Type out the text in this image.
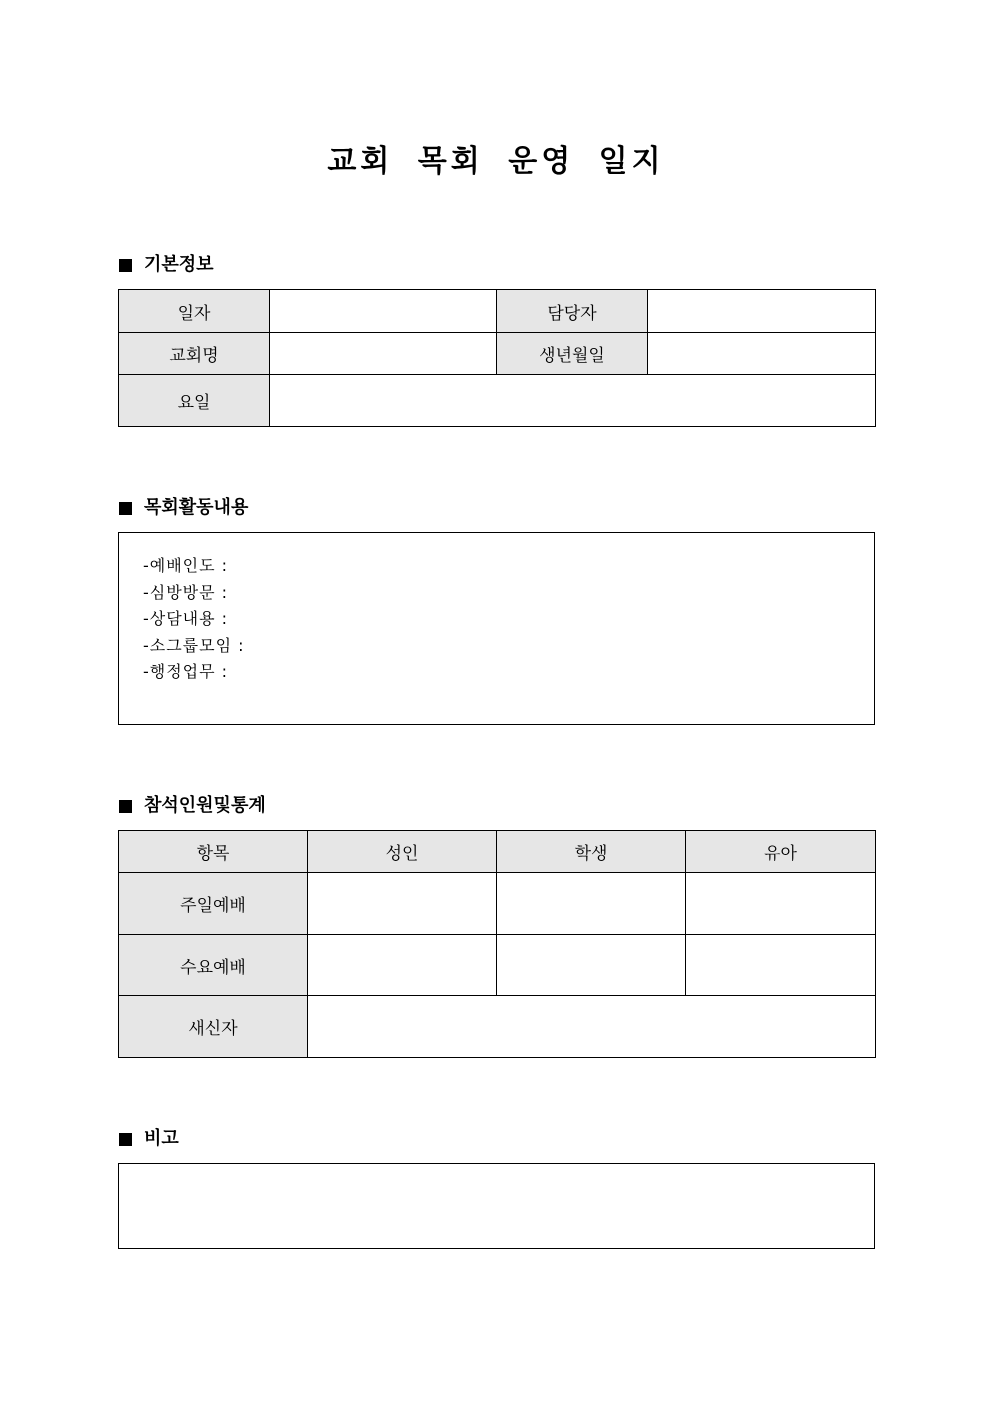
교회 목회 운영 일지
기본정보
일자		담당자	
교회명		생년월일	
요일			
목회활동내용
-예배인도 :
-심방방문 :
-상담내용 :
-소그룹모임 :
-행정업무 :
참석인원및통계
항목	성인	학생	유아
주일예배			
수요예배			
새신자			
비고
